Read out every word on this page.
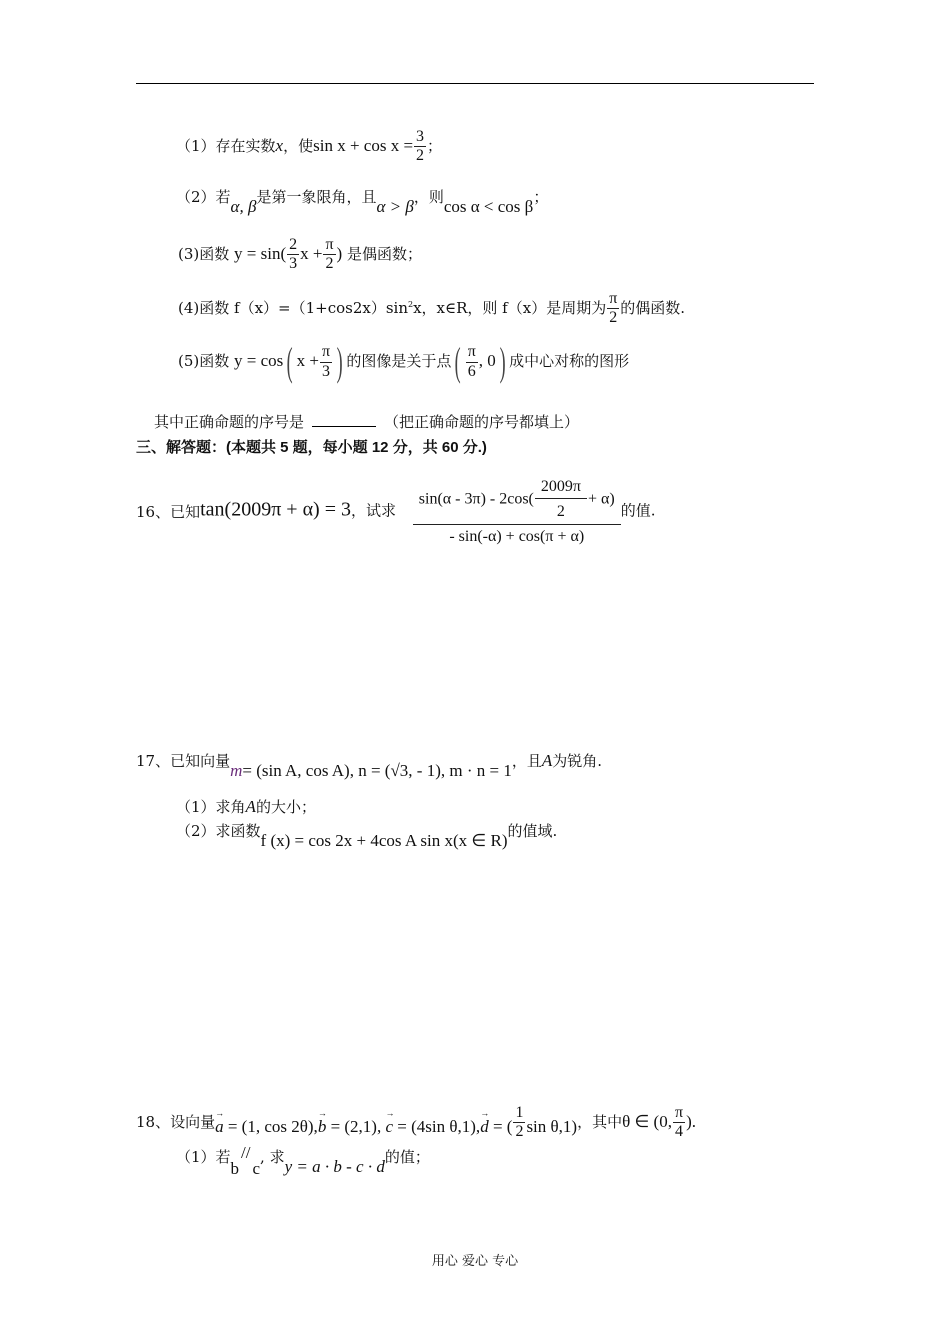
（1）存在实数x，使$\sin x + \cos x = \frac{3}{2}$ ；
（2）若α, β是第一象限角，且α > β，则cos α < cos β；
(3)函数 $y = \sin( \frac{2}{3}$ $x + \frac{\pi}{2}$ ) 是偶函数；
(4)函数 $f(x)=(1+\cos 2x)\sin^2x$，x∈R，则 f（x）是周期为 $\frac{\pi}{2}$ 的偶函数.
(5)函数 y = cos( $x + \frac{\pi}{3}$ ) 的图像是关于点( $\frac{\pi}{6}$ , 0) 成中心对称的图形
其中正确命题的序号是	（把正确命题的序号都填上）
三、解答题：(本题共 5 题，每小题 12 分，共 60 分.)
16、已知tan(2009π + α) = 3，试求 $\frac{\sin(\alpha - 3\pi) - 2\cos( \frac{2009\pi}{2} + \alpha)}{- \sin(-\alpha) + \cos(\pi + \alpha)}$ 的值.
17、已知向量m= (sin A, cos A), n = (√3, - 1), m · n = 1，且A为锐角.
（1）求角A的大小；
（2）求函数f (x) = cos 2x + 4cos A sin x(x ∈ R)的值域.
18、设向量→ a = (1, cos 2θ),→ b = (2,1), → c = (4sin θ,1),→ d = ( $\frac{1}{2}$ sin θ,1)，其中θ ∈ (0, $\frac{\pi}{4}$ ).
（1）若b//c, 求y = a · b - c · d的值；
用心 爱心 专心
